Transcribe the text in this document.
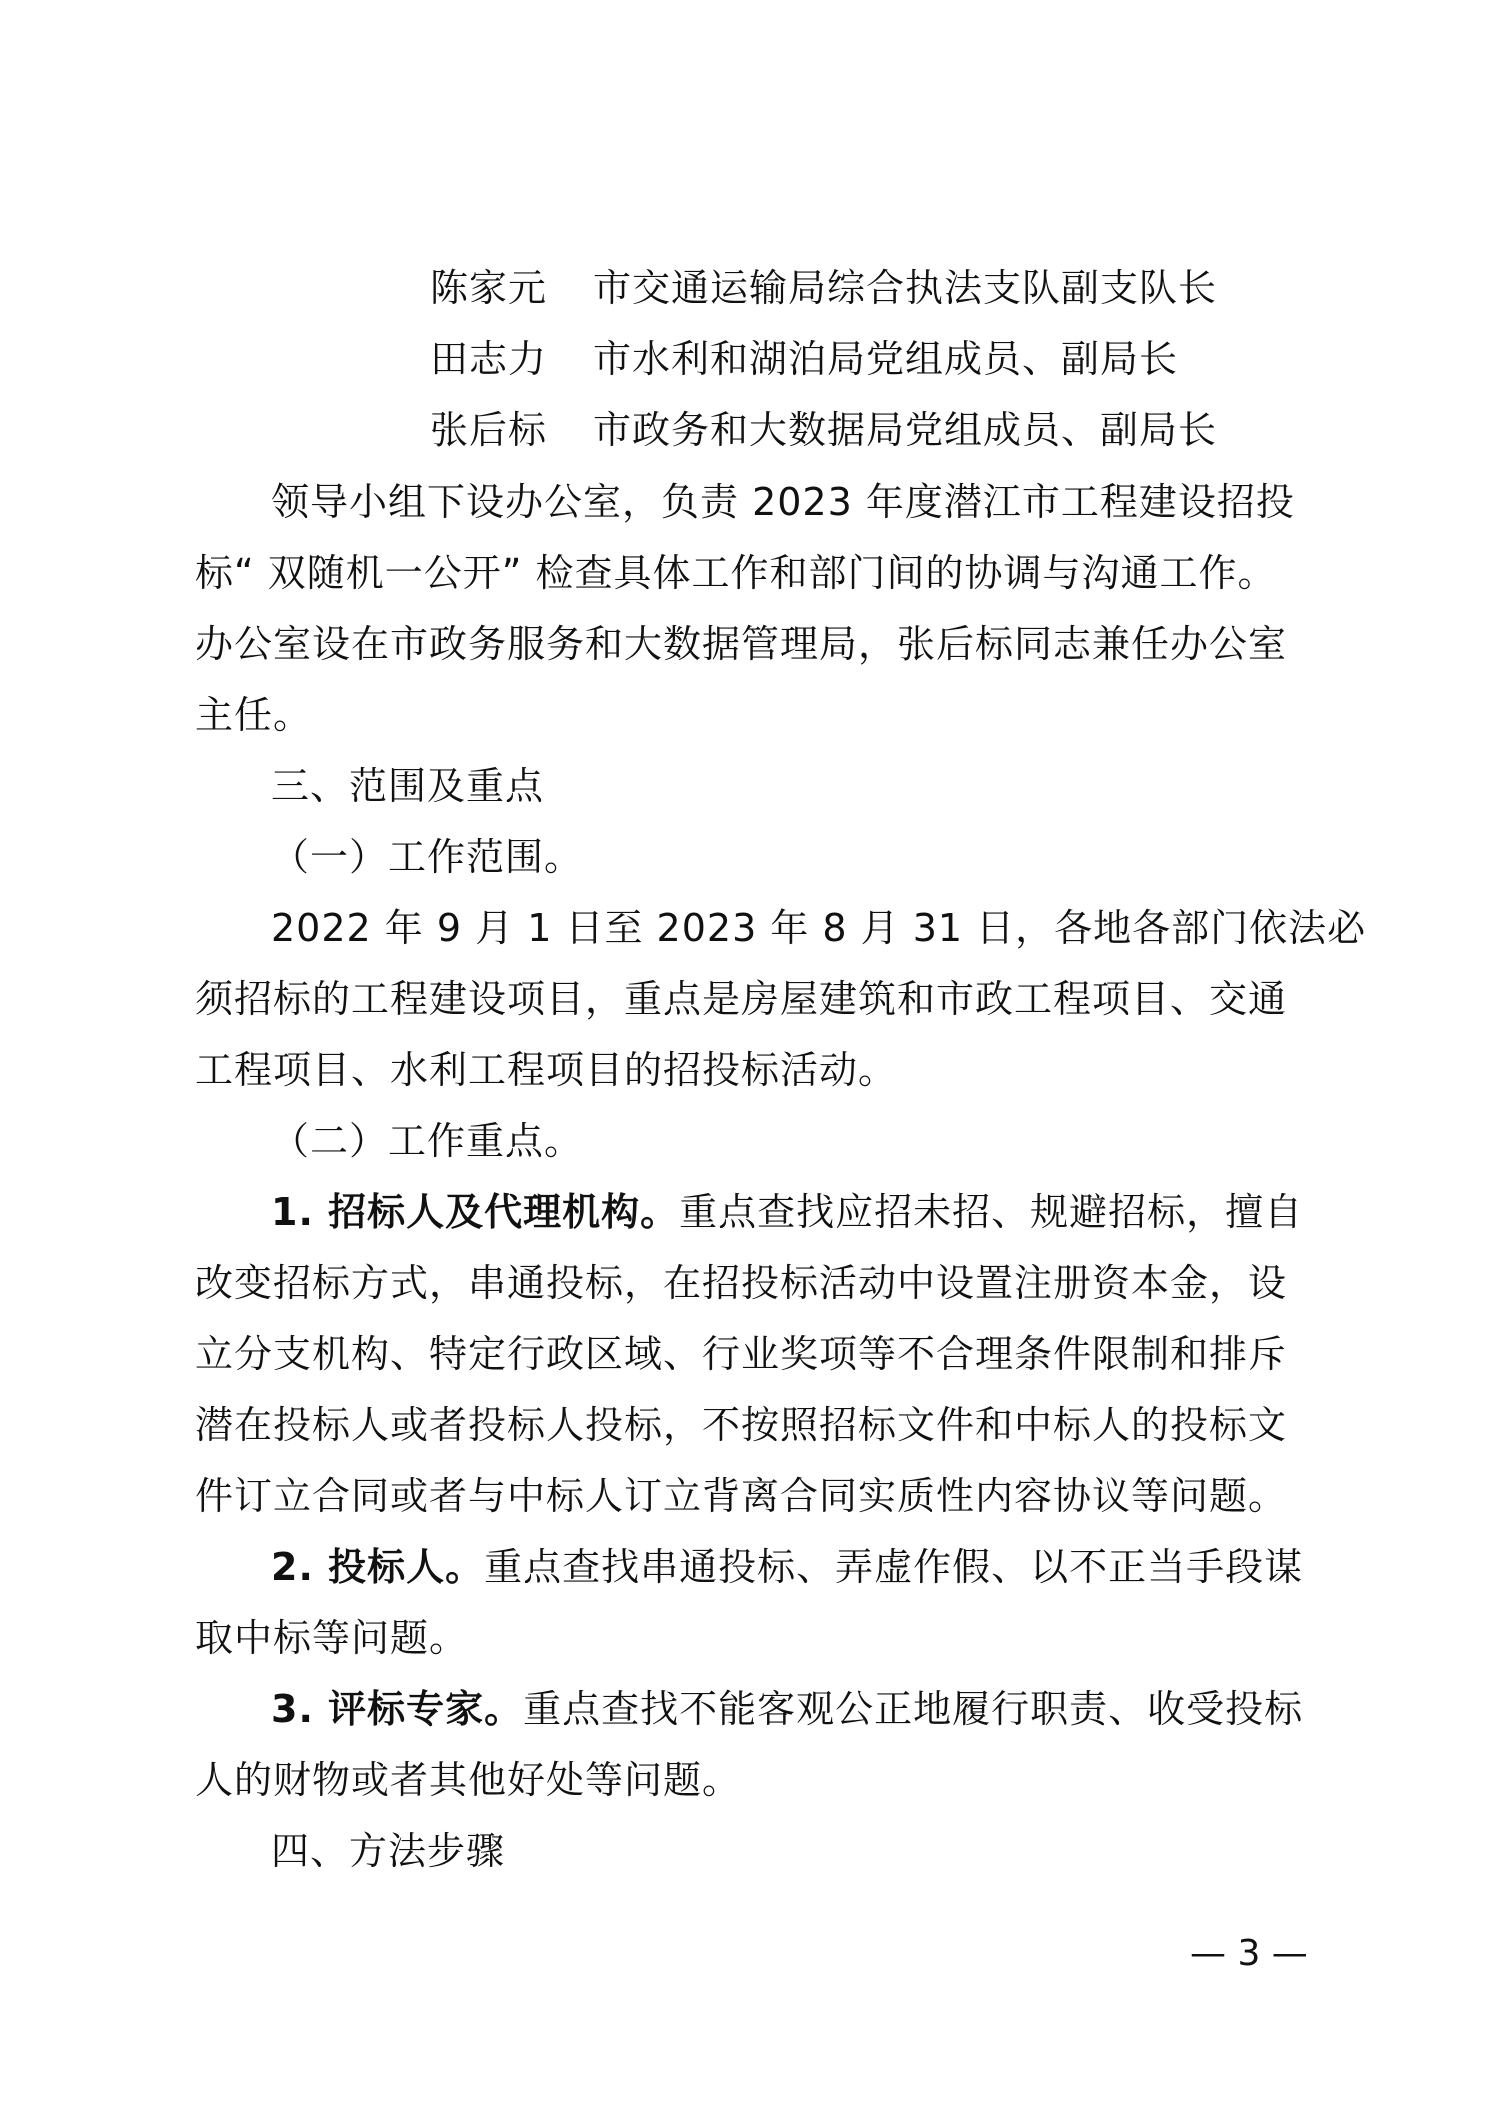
陈家元 市交通运输局综合执法支队副支队长
田志力 市水利和湖泊局党组成员、副局长
张后标 市政务和大数据局党组成员、副局长
领导小组下设办公室，负责 2023 年度潜江市工程建设招投
标“ 双随机一公开” 检查具体工作和部门间的协调与沟通工作。
办公室设在市政务服务和大数据管理局，张后标同志兼任办公室
主任。
三、范围及重点
（一）工作范围。
2022 年 9 月 1 日至 2023 年 8 月 31 日，各地各部门依法必
须招标的工程建设项目，重点是房屋建筑和市政工程项目、交通
工程项目、水利工程项目的招投标活动。
（二）工作重点。
1. 招标人及代理机构。重点查找应招未招、规避招标，擅自
改变招标方式，串通投标，在招投标活动中设置注册资本金，设
立分支机构、特定行政区域、行业奖项等不合理条件限制和排斥
潜在投标人或者投标人投标，不按照招标文件和中标人的投标文
件订立合同或者与中标人订立背离合同实质性内容协议等问题。
2. 投标人。重点查找串通投标、弄虚作假、以不正当手段谋
取中标等问题。
3. 评标专家。重点查找不能客观公正地履行职责、收受投标
人的财物或者其他好处等问题。
四、方法步骤
— 3 —
